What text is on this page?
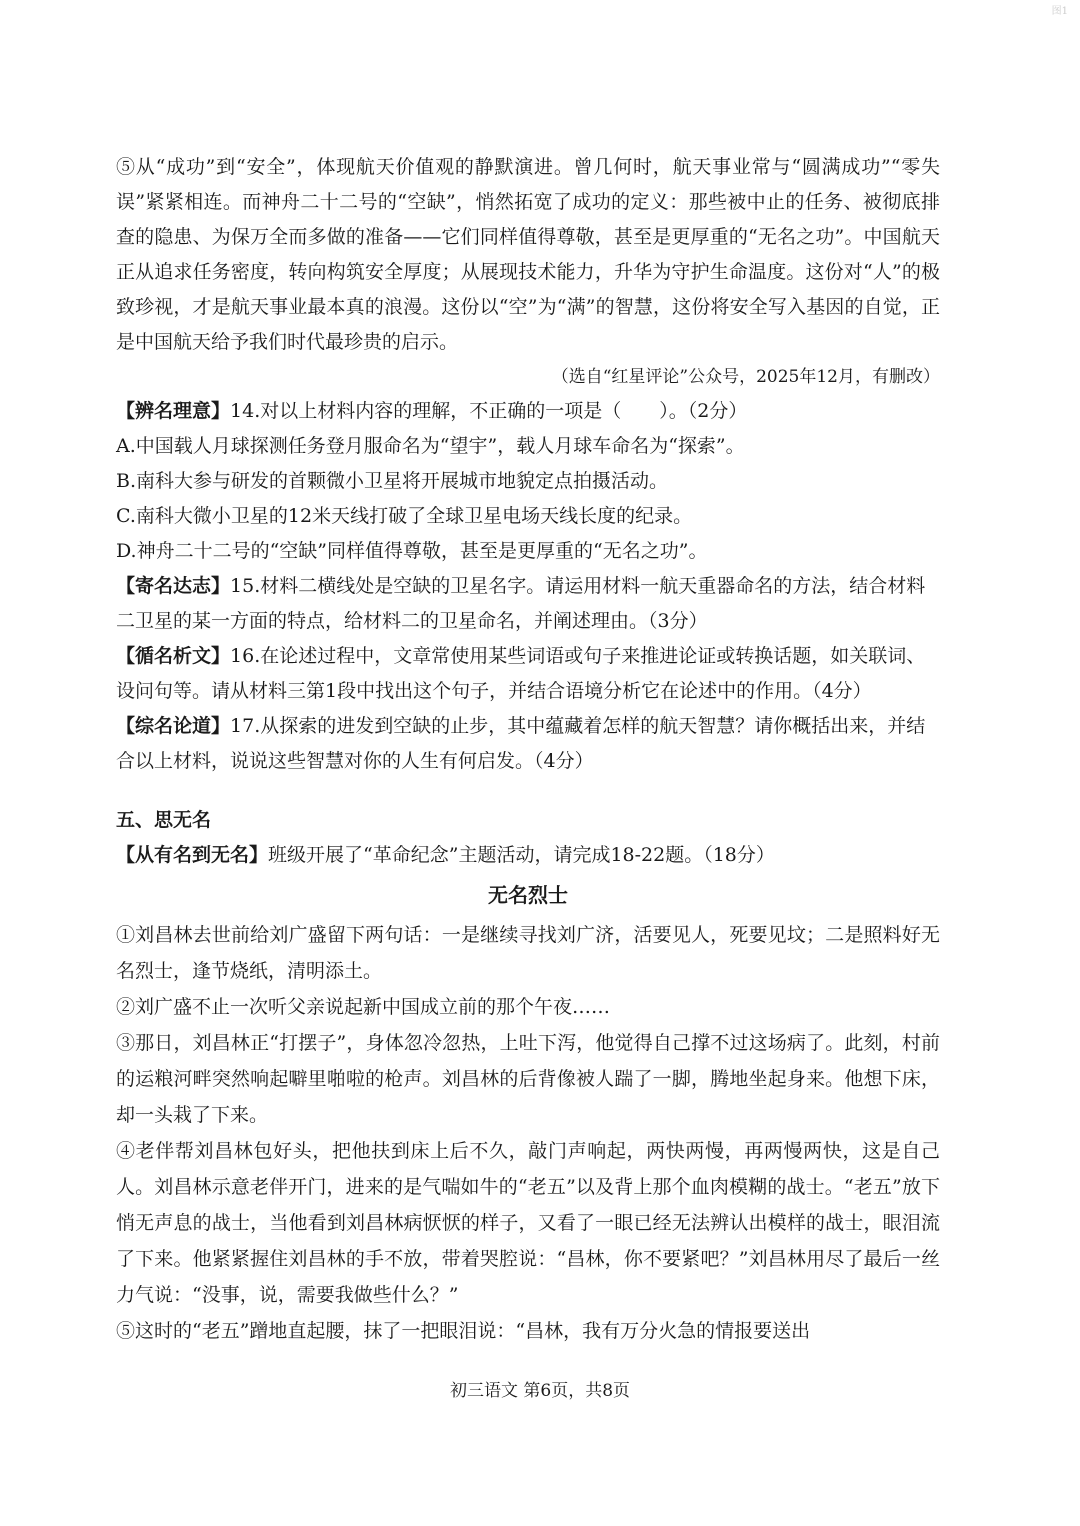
图1

⑤从“成功”到“安全”，体现航天价值观的静默演进。曾几何时，航天事业常与“圆满成功”“零失误”紧紧相连。而神舟二十二号的“空缺”，悄然拓宽了成功的定义：那些被中止的任务、被彻底排查的隐患、为保万全而多做的准备——它们同样值得尊敬，甚至是更厚重的“无名之功”。中国航天正从追求任务密度，转向构筑安全厚度；从展现技术能力，升华为守护生命温度。这份对“人”的极致珍视，才是航天事业最本真的浪漫。这份以“空”为“满”的智慧，这份将安全写入基因的自觉，正是中国航天给予我们时代最珍贵的启示。

（选自“红星评论”公众号，2025年12月，有删改）

【辨名理意】14.对以上材料内容的理解，不正确的一项是（　　）。（2分）

A.中国载人月球探测任务登月服命名为“望宇”，载人月球车命名为“探索”。

B.南科大参与研发的首颗微小卫星将开展城市地貌定点拍摄活动。

C.南科大微小卫星的12米天线打破了全球卫星电场天线长度的纪录。

D.神舟二十二号的“空缺”同样值得尊敬，甚至是更厚重的“无名之功”。

【寄名达志】15.材料二横线处是空缺的卫星名字。请运用材料一航天重器命名的方法，结合材料二卫星的某一方面的特点，给材料二的卫星命名，并阐述理由。（3分）

【循名析文】16.在论述过程中，文章常使用某些词语或句子来推进论证或转换话题，如关联词、设问句等。请从材料三第1段中找出这个句子，并结合语境分析它在论述中的作用。（4分）

【综名论道】17.从探索的进发到空缺的止步，其中蕴藏着怎样的航天智慧？请你概括出来，并结合以上材料，说说这些智慧对你的人生有何启发。（4分）

五、思无名

【从有名到无名】班级开展了“革命纪念”主题活动，请完成18-22题。（18分）

无名烈士

①刘昌林去世前给刘广盛留下两句话：一是继续寻找刘广济，活要见人，死要见坟；二是照料好无名烈士，逢节烧纸，清明添土。

②刘广盛不止一次听父亲说起新中国成立前的那个午夜……

③那日，刘昌林正“打摆子”，身体忽冷忽热，上吐下泻，他觉得自己撑不过这场病了。此刻，村前的运粮河畔突然响起噼里啪啦的枪声。刘昌林的后背像被人踹了一脚，腾地坐起身来。他想下床，却一头栽了下来。

④老伴帮刘昌林包好头，把他扶到床上后不久，敲门声响起，两快两慢，再两慢两快，这是自己人。刘昌林示意老伴开门，进来的是气喘如牛的“老五”以及背上那个血肉模糊的战士。“老五”放下悄无声息的战士，当他看到刘昌林病恹恹的样子，又看了一眼已经无法辨认出模样的战士，眼泪流了下来。他紧紧握住刘昌林的手不放，带着哭腔说：“昌林，你不要紧吧？”刘昌林用尽了最后一丝力气说：“没事，说，需要我做些什么？”

⑤这时的“老五”蹭地直起腰，抹了一把眼泪说：“昌林，我有万分火急的情报要送出

初三语文 第6页，共8页
